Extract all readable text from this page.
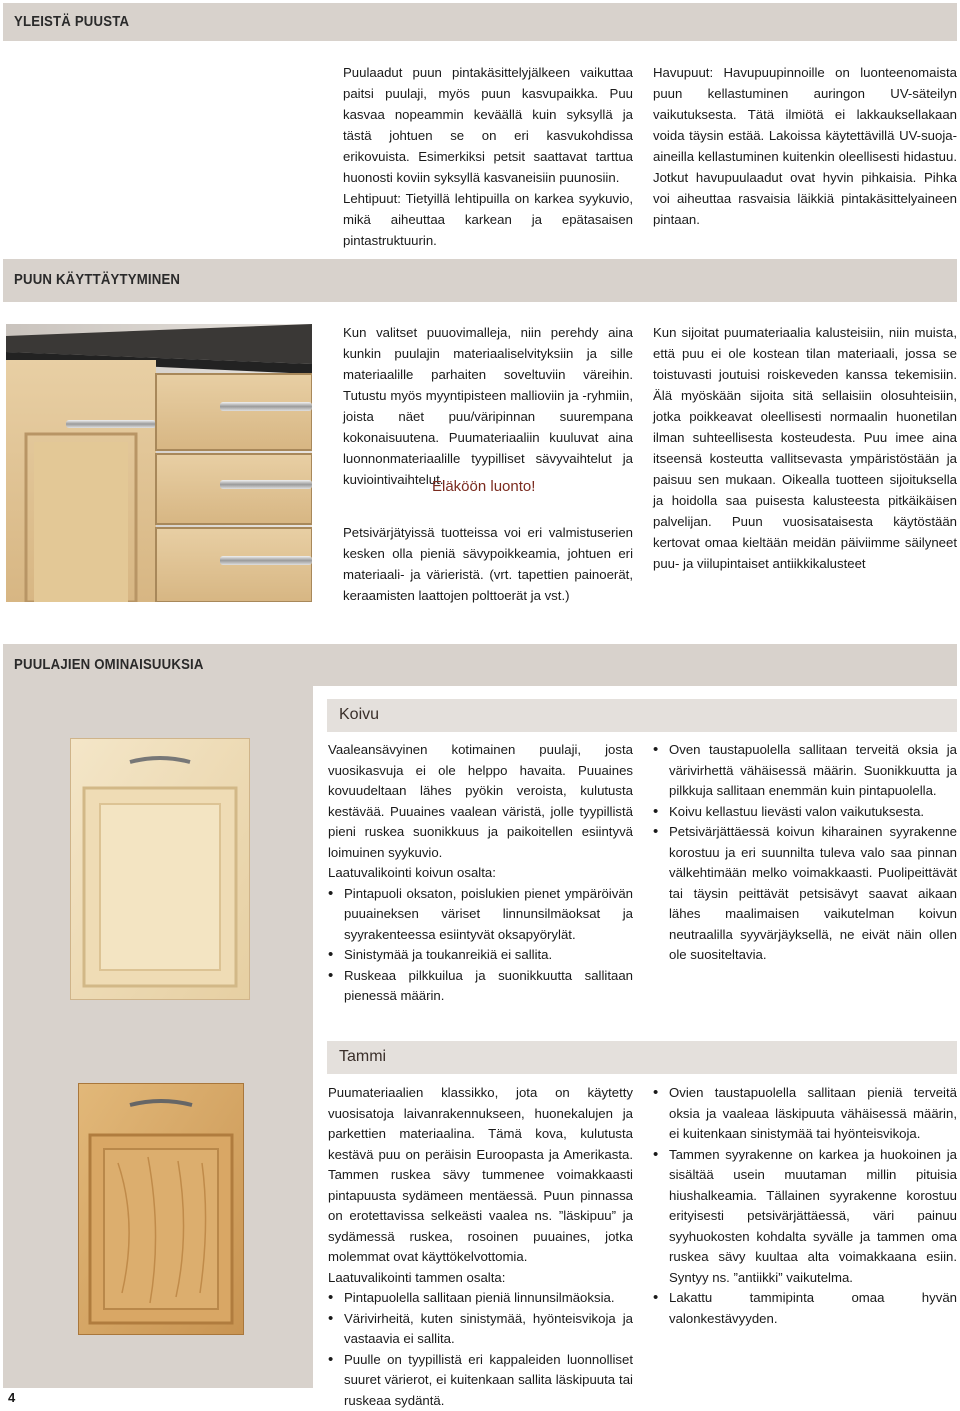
YLEISTÄ PUUSTA

Puulaadut puun pintakäsittelyjälkeen vaikuttaa paitsi puulaji, myös puun kasvupaikka. Puu kasvaa nopeammin keväällä kuin syksyllä ja tästä johtuen se on eri kasvukohdissa erikovuista. Esimerkiksi petsit saattavat tarttua huonosti koviin syksyllä kasvaneisiin puunosiin.

Lehtipuut: Tietyillä lehtipuilla on karkea syykuvio, mikä aiheuttaa karkean ja epätasaisen pintastruktuurin.

Havupuut: Havupuupinnoille on luonteenomaista puun kellastuminen auringon UV-säteilyn vaikutuksesta. Tätä ilmiötä ei lakkauksellakaan voida täysin estää. Lakoissa käytettävillä UV-suoja-aineilla kellastuminen kuitenkin oleellisesti hidastuu. Jotkut havupuulaadut ovat hyvin pihkaisia. Pihka voi aiheuttaa rasvaisia läikkiä pintakäsittelyaineen pintaan.

PUUN KÄYTTÄYTYMINEN

Kun valitset puuovimalleja, niin perehdy aina kunkin puulajin materiaaliselvityksiin ja sille materiaalille parhaiten soveltuviin väreihin. Tutustu myös myyntipisteen mallioviin ja -ryhmiin, joista näet puu/väripinnan suurempana kokonaisuutena. Puumateriaaliin kuuluvat aina luonnonmateriaalille tyypilliset sävyvaihtelut ja kuviointivaihtelut.

Eläköön luonto!

Petsivärjätyissä tuotteissa voi eri valmistuserien kesken olla pieniä sävypoikkeamia, johtuen eri materiaali- ja värieristä. (vrt. tapettien painoerät, keraamisten laattojen polttoerät ja vst.)

Kun sijoitat puumateriaalia kalusteisiin, niin muista, että puu ei ole kostean tilan materiaali, jossa se toistuvasti joutuisi roiskeveden kanssa tekemisiin. Älä myöskään sijoita sitä sellaisiin olosuhteisiin, jotka poikkeavat oleellisesti normaalin huonetilan ilman suhteellisesta kosteudesta. Puu imee aina itseensä kosteutta vallitsevasta ympäristöstään ja paisuu sen mukaan. Oikealla tuotteen sijoituksella ja hoidolla saa puisesta kalusteesta pitkäikäisen palvelijan. Puun vuosisataisesta käytöstään kertovat omaa kieltään meidän päiviimme säilyneet puu- ja viilupintaiset antiikkikalusteet

PUULAJIEN OMINAISUUKSIA
Koivu

Vaaleansävyinen kotimainen puulaji, josta vuosikasvuja ei ole helppo havaita. Puuaines kovuudeltaan lähes pyökin veroista, kulutusta kestävää. Puuaines vaalean väristä, jolle tyypillistä pieni ruskea suonikkuus ja paikoitellen esiintyvä loimuinen syykuvio.

Laatuvalikointi koivun osalta:

• Pintapuoli oksaton, poislukien pienet ympäröivän puuaineksen väriset linnunsilmäoksat ja syyrakenteessa esiintyvät oksapyörylät.
• Sinistymää ja toukanreikiä ei sallita.
• Ruskeaa pilkkuilua ja suonikkuutta sallitaan pienessä määrin.
• Oven taustapuolella sallitaan terveitä oksia ja värivirhettä vähäisessä määrin. Suonikkuutta ja pilkkuja sallitaan enemmän kuin pintapuolella.
• Koivu kellastuu lievästi valon vaikutuksesta.
• Petsivärjättäessä koivun kiharainen syyrakenne korostuu ja eri suunnilta tuleva valo saa pinnan välkehtimään melko voimakkaasti. Puolipeittävät tai täysin peittävät petsisävyt saavat aikaan lähes maalimaisen vaikutelman koivun neutraalilla syyvärjäyksellä, ne eivät näin ollen ole suositeltavia.
Tammi

Puumateriaalien klassikko, jota on käytetty vuosisatoja laivanrakennukseen, huonekalujen ja parkettien materiaalina. Tämä kova, kulutusta kestävä puu on peräisin Euroopasta ja Amerikasta. Tammen ruskea sävy tummenee voimakkaasti pintapuusta sydämeen mentäessä. Puun pinnassa on erotettavissa selkeästi vaalea ns. ”läskipuu” ja sydämessä ruskea, rosoinen puuaines, jotka molemmat ovat käyttökelvottomia.

Laatuvalikointi tammen osalta:

• Pintapuolella sallitaan pieniä linnunsilmäoksia.
• Värivirheitä, kuten sinistymää, hyönteisvikoja ja vastaavia ei sallita.
• Puulle on tyypillistä eri kappaleiden luonnolliset suuret värierot, ei kuitenkaan sallita läskipuuta tai ruskeaa sydäntä.
• Ovien taustapuolella sallitaan pieniä terveitä oksia ja vaaleaa läskipuuta vähäisessä määrin, ei kuitenkaan sinistymää tai hyönteisvikoja.
• Tammen syyrakenne on karkea ja huokoinen ja sisältää usein muutaman millin pituisia hiushalkeamia. Tällainen syyrakenne korostuu erityisesti petsivärjättäessä, väri painuu syyhuokosten kohdalta syvälle ja tammen oma ruskea sävy kuultaa alta voimakkaana esiin. Syntyy ns. ”antiikki” vaikutelma.
• Lakattu tammipinta omaa hyvän valonkestävyyden.
4
